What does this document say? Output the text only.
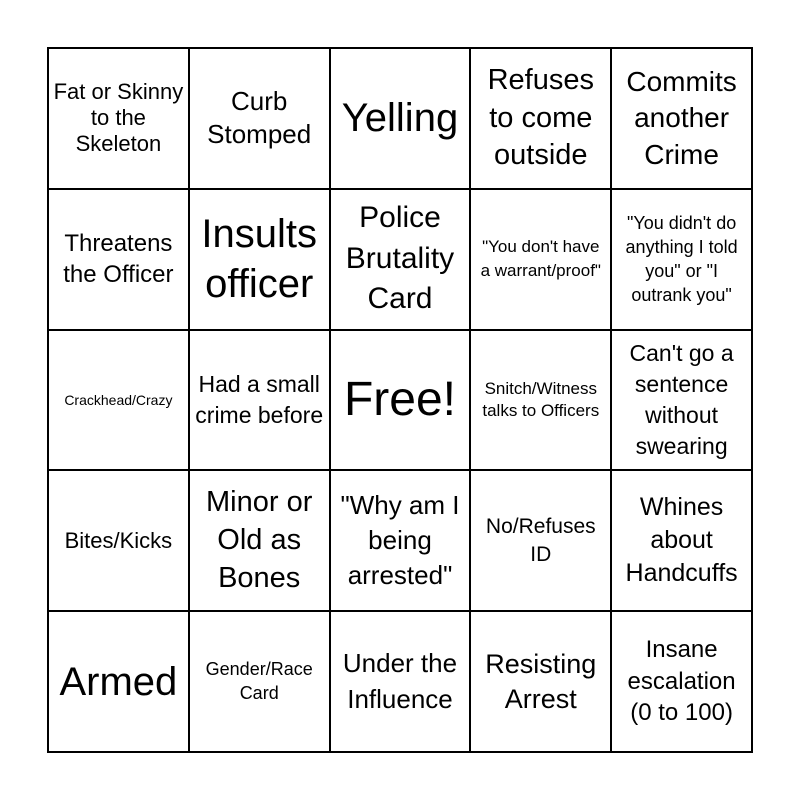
Fat or Skinny to the Skeleton
Curb Stomped Yelling
Refuses to come outside
Commits another Crime
Threatens the Officer
Insults officer
Police Brutality Card
"You don't have a warrant/proof"
"You didn't do anything I told you" or "I outrank you"
Crackhead/Crazy
Had a small crime before Free!	Snitch/Witness talks to Officers
Can't go a sentence without swearing
Bites/Kicks
Minor or Old as Bones
"Why am I being arrested"
No/Refuses ID
Whines about Handcuffs
Armed	Gender/Race Card
Under the Influence
Resisting Arrest
Insane escalation (0 to 100)
